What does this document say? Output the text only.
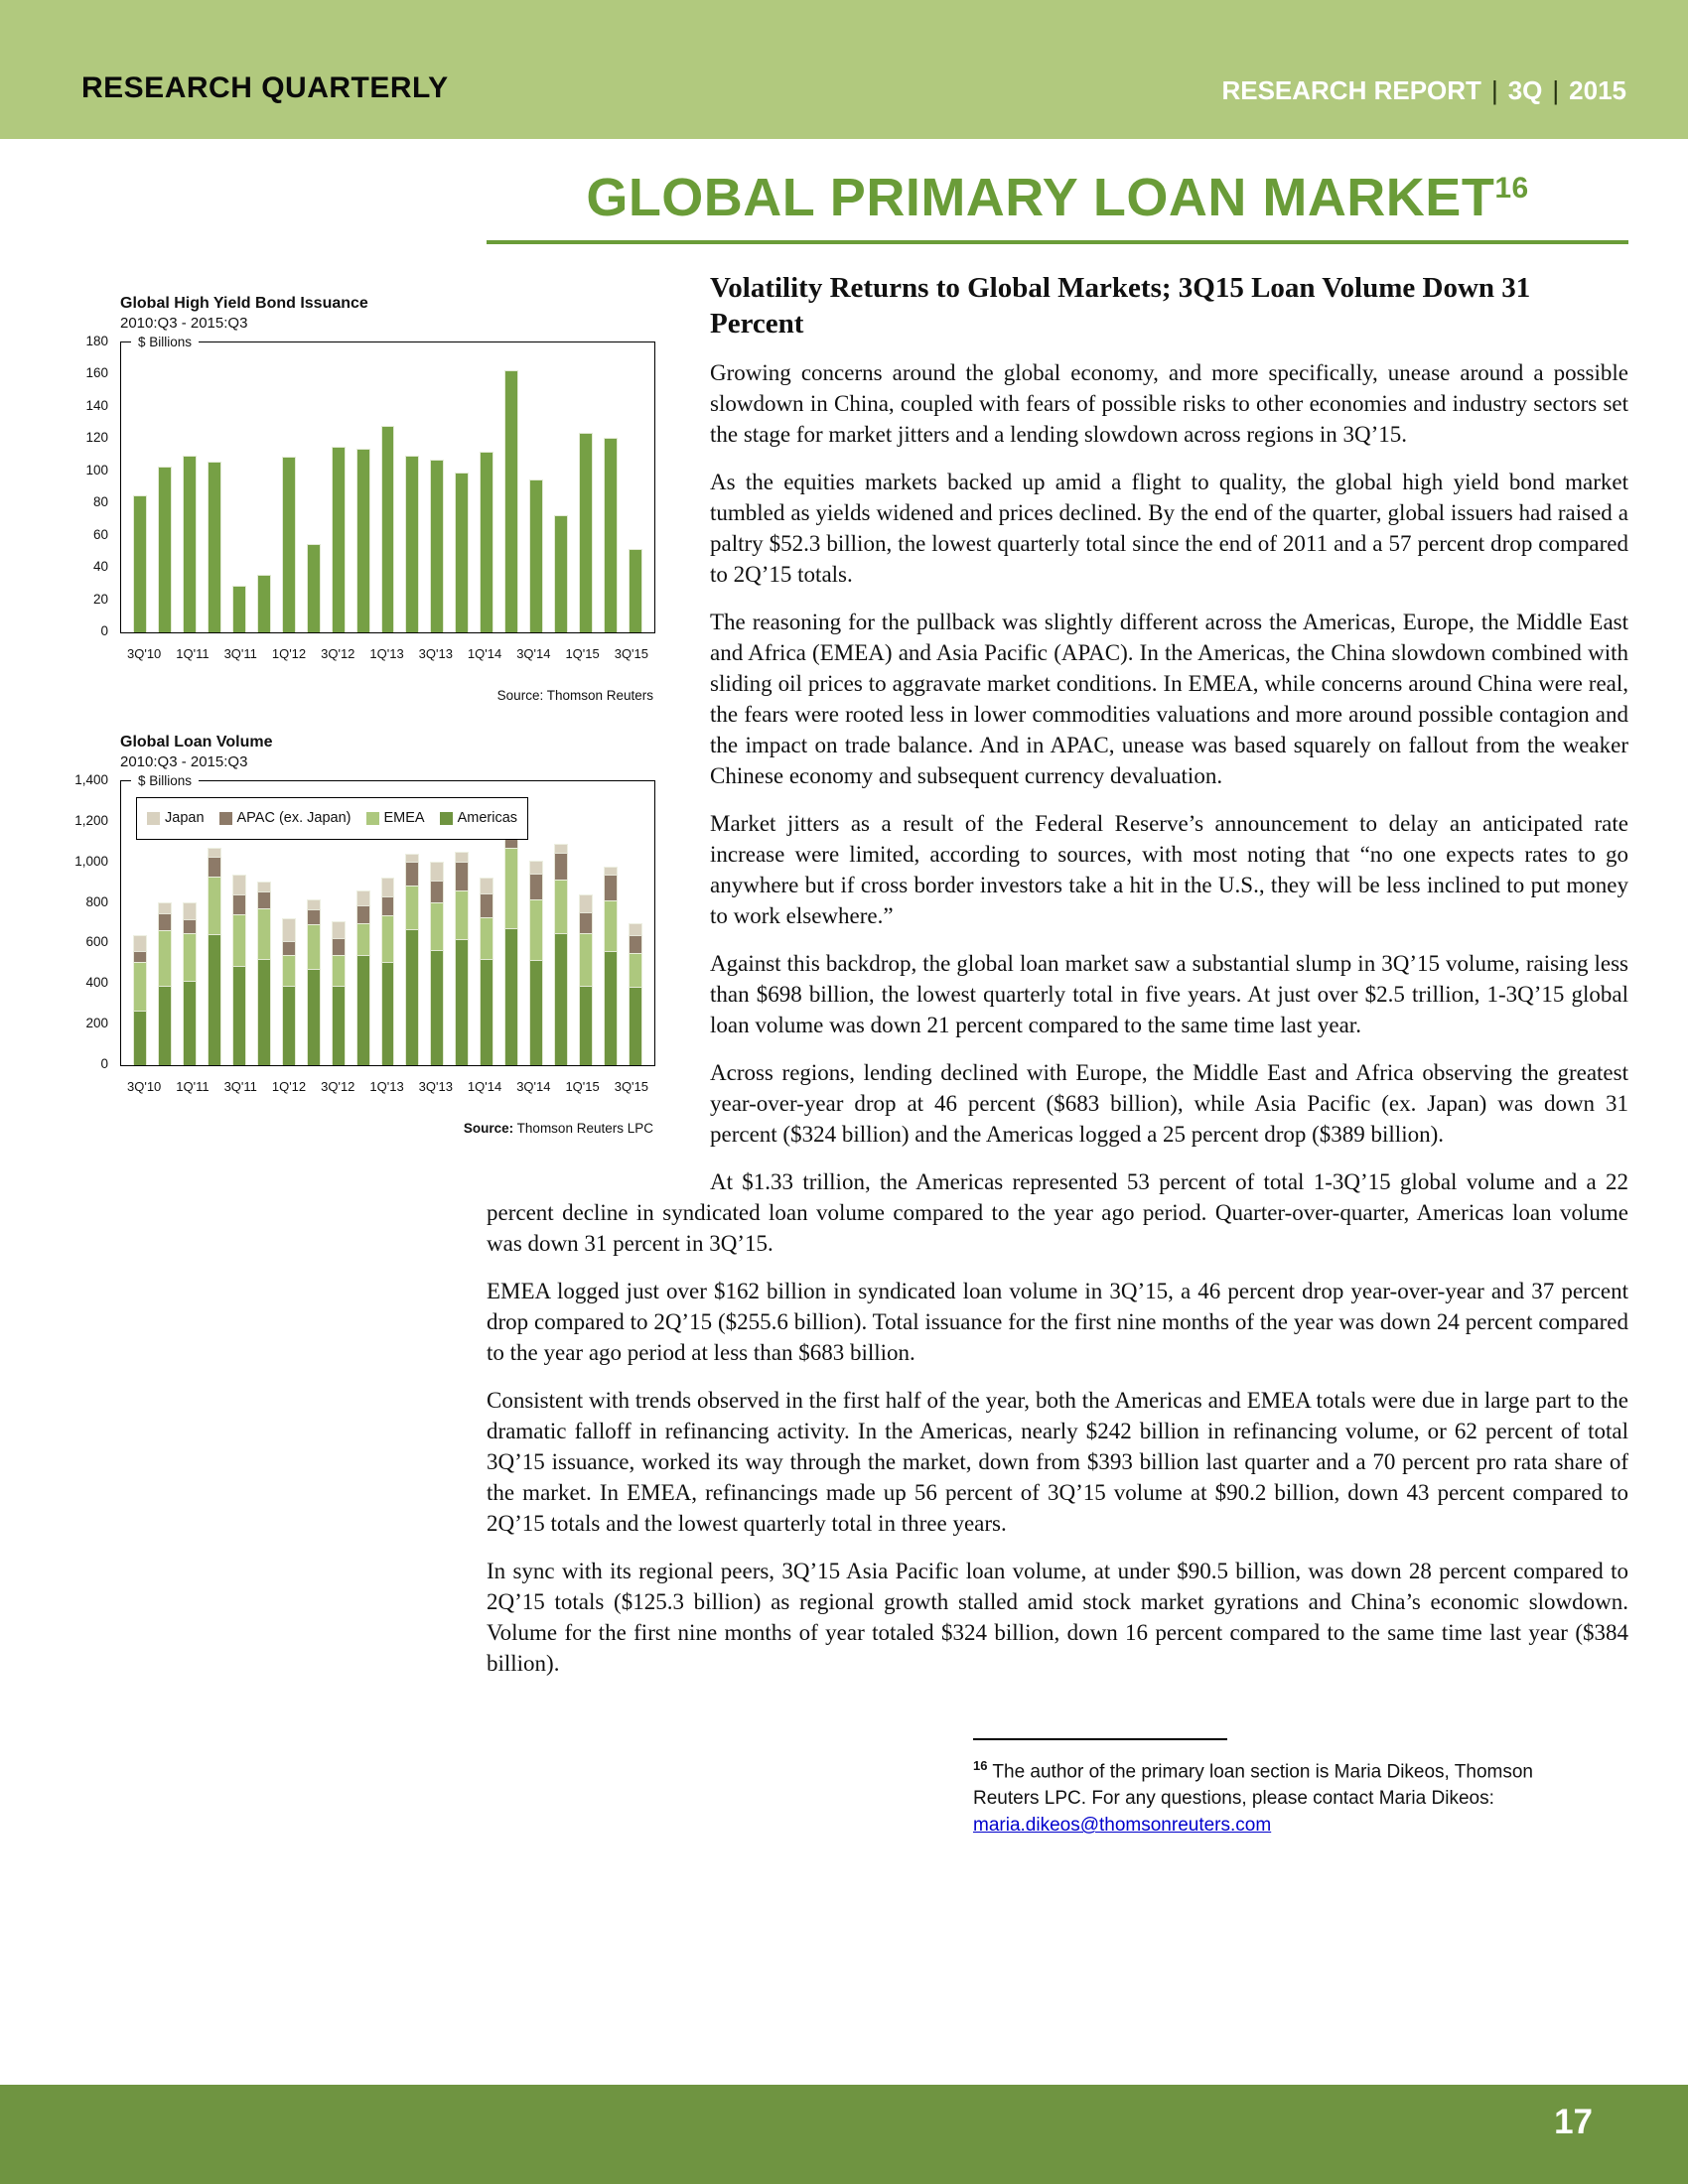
RESEARCH QUARTERLY	RESEARCH REPORT | 3Q | 2015
GLOBAL PRIMARY LOAN MARKET$^{16}$
Global High Yield Bond Issuance
2010:Q3 - 2015:Q3
0
20
40
60
80
100
120
140
160
180	$ Billions
3Q'10 1Q'11 3Q'11 1Q'12 3Q'12 1Q'13 3Q'13 1Q'14 3Q'14 1Q'15 3Q'15
Source: Thomson Reuters
Global Loan Volume
2010:Q3 - 2015:Q3
0
200
400
600
800
1,000
1,200
1,400	$ Billions
Japan APAC (ex. Japan) EMEA Americas
3Q'10 1Q'11 3Q'11 1Q'12 3Q'12 1Q'13 3Q'13 1Q'14 3Q'14 1Q'15 3Q'15
Source: Thomson Reuters LPC
Volatility Returns to Global Markets; 3Q15 Loan Volume Down 31 Percent

Growing concerns around the global economy, and more specifically, unease around a possible slowdown in China, coupled with fears of possible risks to other economies and industry sectors set the stage for market jitters and a lending slowdown across regions in 3Q’15.

As the equities markets backed up amid a flight to quality, the global high yield bond market tumbled as yields widened and prices declined. By the end of the quarter, global issuers had raised a paltry $52.3 billion, the lowest quarterly total since the end of 2011 and a 57 percent drop compared to 2Q’15 totals.

The reasoning for the pullback was slightly different across the Americas, Europe, the Middle East and Africa (EMEA) and Asia Pacific (APAC). In the Americas, the China slowdown combined with sliding oil prices to aggravate market conditions. In EMEA, while concerns around China were real, the fears were rooted less in lower commodities valuations and more around possible contagion and the impact on trade balance. And in APAC, unease was based squarely on fallout from the weaker Chinese economy and subsequent currency devaluation.

Market jitters as a result of the Federal Reserve’s announcement to delay an anticipated rate increase were limited, according to sources, with most noting that “no one expects rates to go anywhere but if cross border investors take a hit in the U.S., they will be less inclined to put money to work elsewhere.”

Against this backdrop, the global loan market saw a substantial slump in 3Q’15 volume, raising less than $698 billion, the lowest quarterly total in five years. At just over $2.5 trillion, 1-3Q’15 global loan volume was down 21 percent compared to the same time last year.

Across regions, lending declined with Europe, the Middle East and Africa observing the greatest year-over-year drop at 46 percent ($683 billion), while Asia Pacific (ex. Japan) was down 31 percent ($324 billion) and the Americas logged a 25 percent drop ($389 billion).

At $1.33 trillion, the Americas represented 53 percent of total 1-3Q’15 global volume and a 22 percent decline in syndicated loan volume compared to the year ago period. Quarter-over-quarter, Americas loan volume was down 31 percent in 3Q’15.

EMEA logged just over $162 billion in syndicated loan volume in 3Q’15, a 46 percent drop year-over-year and 37 percent drop compared to 2Q’15 ($255.6 billion). Total issuance for the first nine months of the year was down 24 percent compared to the year ago period at less than $683 billion.

Consistent with trends observed in the first half of the year, both the Americas and EMEA totals were due in large part to the dramatic falloff in refinancing activity. In the Americas, nearly $242 billion in refinancing volume, or 62 percent of total 3Q’15 issuance, worked its way through the market, down from $393 billion last quarter and a 70 percent pro rata share of the market. In EMEA, refinancings made up 56 percent of 3Q’15 volume at $90.2 billion, down 43 percent compared to 2Q’15 totals and the lowest quarterly total in three years.

In sync with its regional peers, 3Q’15 Asia Pacific loan volume, at under $90.5 billion, was down 28 percent compared to 2Q’15 totals ($125.3 billion) as regional growth stalled amid stock market gyrations and China’s economic slowdown. Volume for the first nine months of year totaled $324 billion, down 16 percent compared to the same time last year ($384 billion).

$^{16}$ The author of the primary loan section is Maria Dikeos, Thomson Reuters LPC. For any questions, please contact Maria Dikeos: maria.dikeos@thomsonreuters.com
17
